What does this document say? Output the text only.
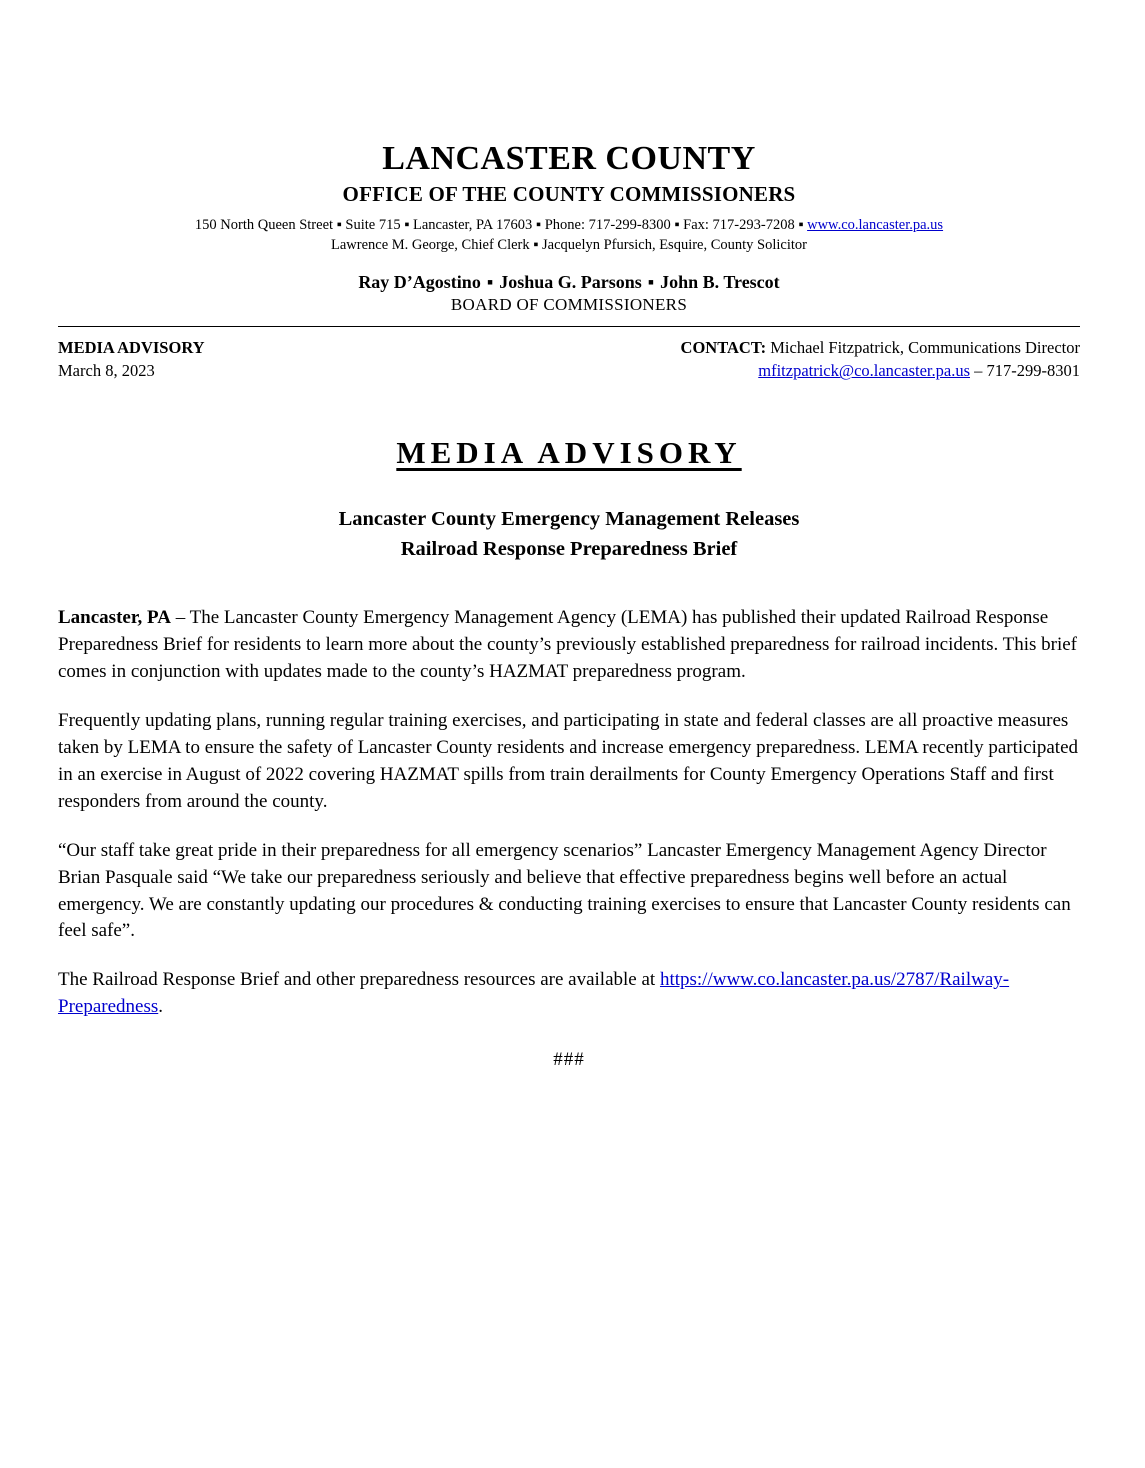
LANCASTER COUNTY
OFFICE OF THE COUNTY COMMISSIONERS
150 North Queen Street ▪ Suite 715 ▪ Lancaster, PA 17603 ▪ Phone: 717-299-8300 ▪ Fax: 717-293-7208 ▪ www.co.lancaster.pa.us
Lawrence M. George, Chief Clerk ▪ Jacquelyn Pfursich, Esquire, County Solicitor
Ray D’Agostino ▪ Joshua G. Parsons ▪ John B. Trescot
BOARD OF COMMISSIONERS
MEDIA ADVISORY
March 8, 2023
CONTACT: Michael Fitzpatrick, Communications Director
mfitzpatrick@co.lancaster.pa.us – 717-299-8301
MEDIA ADVISORY
Lancaster County Emergency Management Releases
Railroad Response Preparedness Brief

Lancaster, PA – The Lancaster County Emergency Management Agency (LEMA) has published their updated Railroad Response Preparedness Brief for residents to learn more about the county’s previously established preparedness for railroad incidents. This brief comes in conjunction with updates made to the county’s HAZMAT preparedness program.

Frequently updating plans, running regular training exercises, and participating in state and federal classes are all proactive measures taken by LEMA to ensure the safety of Lancaster County residents and increase emergency preparedness. LEMA recently participated in an exercise in August of 2022 covering HAZMAT spills from train derailments for County Emergency Operations Staff and first responders from around the county.

“Our staff take great pride in their preparedness for all emergency scenarios” Lancaster Emergency Management Agency Director Brian Pasquale said “We take our preparedness seriously and believe that effective preparedness begins well before an actual emergency. We are constantly updating our procedures & conducting training exercises to ensure that Lancaster County residents can feel safe”.

The Railroad Response Brief and other preparedness resources are available at https://www.co.lancaster.pa.us/2787/Railway-Preparedness.

###
